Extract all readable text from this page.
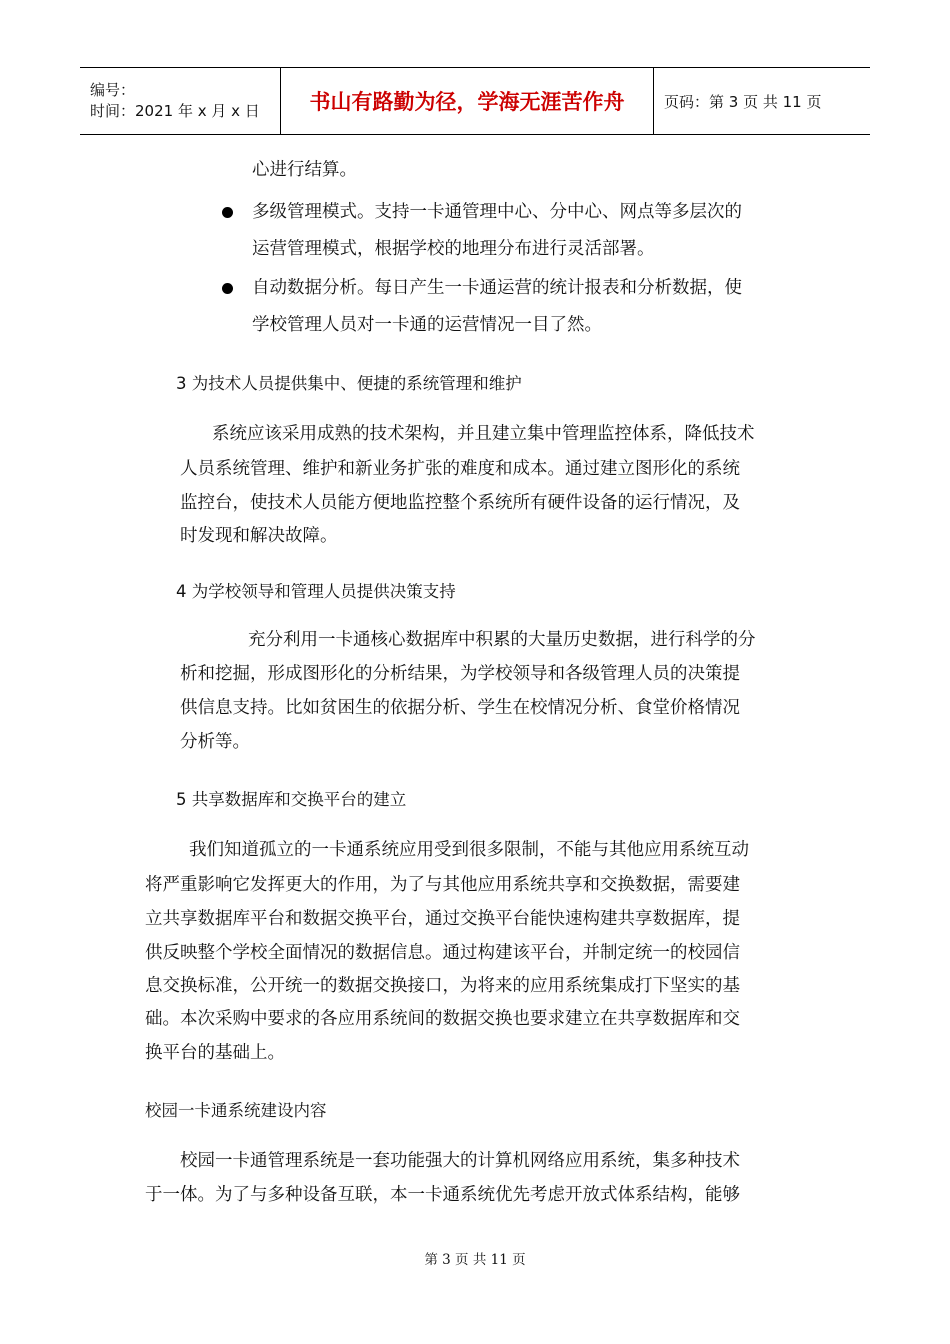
编号：
时间：2021 年 x 月 x 日	书山有路勤为径，学海无涯苦作舟	页码：第 3 页 共 11 页

心进行结算。

多级管理模式。支持一卡通管理中心、分中心、网点等多层次的

运营管理模式，根据学校的地理分布进行灵活部署。

自动数据分析。每日产生一卡通运营的统计报表和分析数据，使

学校管理人员对一卡通的运营情况一目了然。

3 为技术人员提供集中、便捷的系统管理和维护

系统应该采用成熟的技术架构，并且建立集中管理监控体系，降低技术

人员系统管理、维护和新业务扩张的难度和成本。通过建立图形化的系统

监控台，使技术人员能方便地监控整个系统所有硬件设备的运行情况，及

时发现和解决故障。

4 为学校领导和管理人员提供决策支持

充分利用一卡通核心数据库中积累的大量历史数据，进行科学的分

析和挖掘，形成图形化的分析结果，为学校领导和各级管理人员的决策提

供信息支持。比如贫困生的依据分析、学生在校情况分析、食堂价格情况

分析等。

5 共享数据库和交换平台的建立

我们知道孤立的一卡通系统应用受到很多限制，不能与其他应用系统互动

将严重影响它发挥更大的作用，为了与其他应用系统共享和交换数据，需要建

立共享数据库平台和数据交换平台，通过交换平台能快速构建共享数据库，提

供反映整个学校全面情况的数据信息。通过构建该平台，并制定统一的校园信

息交换标准，公开统一的数据交换接口，为将来的应用系统集成打下坚实的基

础。本次采购中要求的各应用系统间的数据交换也要求建立在共享数据库和交

换平台的基础上。

校园一卡通系统建设内容

校园一卡通管理系统是一套功能强大的计算机网络应用系统，集多种技术

于一体。为了与多种设备互联，本一卡通系统优先考虑开放式体系结构，能够

第 3 页 共 11 页
